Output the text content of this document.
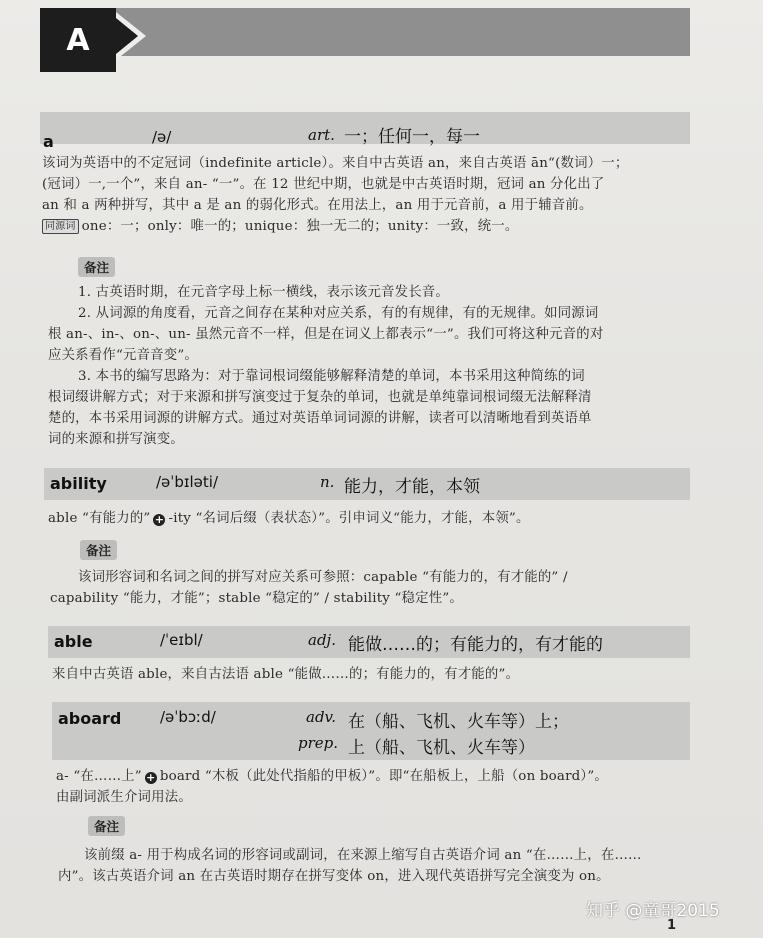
A
a	/ə/	art. 一；任何一，每一
该词为英语中的不定冠词（indefinite article）。来自中古英语 an，来自古英语 ān“(数词）一；
(冠词）一,一个”，来自 an- “一”。在 12 世纪中期，也就是中古英语时期，冠词 an 分化出了
an 和 a 两种拼写，其中 a 是 an 的弱化形式。在用法上，an 用于元音前，a 用于辅音前。
同源词 one：一；only：唯一的；unique：独一无二的；unity：一致，统一。
备注
1. 古英语时期，在元音字母上标一横线，表示该元音发长音。
2. 从词源的角度看，元音之间存在某种对应关系，有的有规律，有的无规律。如同源词
根 an-、in-、on-、un- 虽然元音不一样，但是在词义上都表示“一”。我们可将这种元音的对
应关系看作“元音音变”。
3. 本书的编写思路为：对于靠词根词缀能够解释清楚的单词，本书采用这种简练的词
根词缀讲解方式；对于来源和拼写演变过于复杂的单词，也就是单纯靠词根词缀无法解释清
楚的，本书采用词源的讲解方式。通过对英语单词词源的讲解，读者可以清晰地看到英语单
词的来源和拼写演变。
ability	/əˈbɪləti/	n. 能力，才能，本领
able “有能力的” + -ity “名词后缀（表状态）”。引申词义“能力，才能，本领”。
备注
该词形容词和名词之间的拼写对应关系可参照：capable “有能力的，有才能的” /
capability “能力，才能”；stable “稳定的” / stability “稳定性”。
able	/ˈeɪbl/	adj. 能做……的；有能力的，有才能的
来自中古英语 able，来自古法语 able “能做……的；有能力的，有才能的”。
aboard	/əˈbɔːd/	adv. 在（船、飞机、火车等）上；
prep. 上（船、飞机、火车等）
a- “在……上” + board “木板（此处代指船的甲板）”。即“在船板上，上船（on board）”。
由副词派生介词用法。
备注
该前缀 a- 用于构成名词的形容词或副词，在来源上缩写自古英语介词 an “在……上，在……
内”。该古英语介词 an 在古英语时期存在拼写变体 on，进入现代英语拼写完全演变为 on。
知乎 @童哥2015
1
